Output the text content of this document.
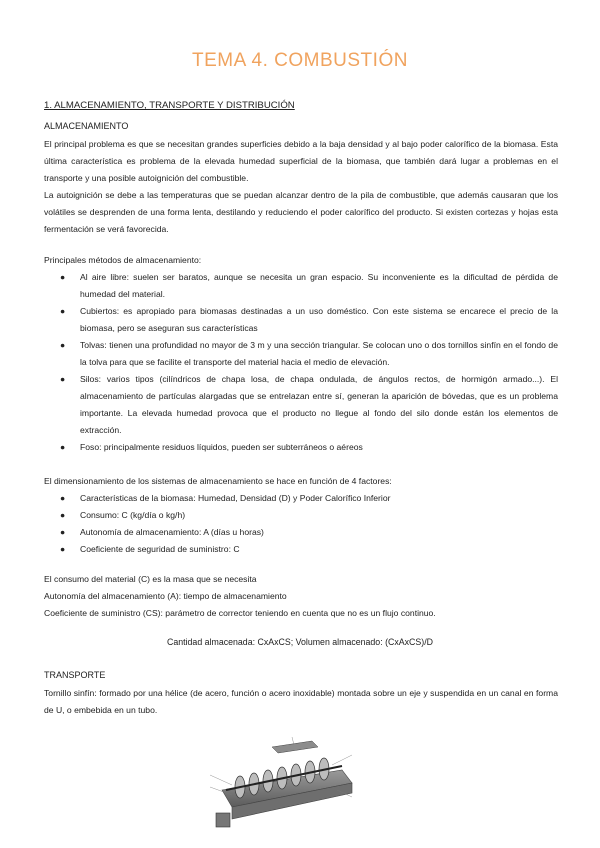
TEMA 4. COMBUSTIÓN
1. ALMACENAMIENTO, TRANSPORTE Y DISTRIBUCIÓN
ALMACENAMIENTO
El principal problema es que se necesitan grandes superficies debido a la baja densidad y al bajo poder calorífico de la biomasa. Esta última característica es problema de la elevada humedad superficial de la biomasa, que también dará lugar a problemas en el transporte y una posible autoignición del combustible.
La autoignición se debe a las temperaturas que se puedan alcanzar dentro de la pila de combustible, que además causaran que los volátiles se desprenden de una forma lenta, destilando y reduciendo el poder calorífico del producto. Si existen cortezas y hojas esta fermentación se verá favorecida.
Principales métodos de almacenamiento:
● Al aire libre: suelen ser baratos, aunque se necesita un gran espacio. Su inconveniente es la dificultad de pérdida de humedad del material.
● Cubiertos: es apropiado para biomasas destinadas a un uso doméstico. Con este sistema se encarece el precio de la biomasa, pero se aseguran sus características
● Tolvas: tienen una profundidad no mayor de 3 m y una sección triangular. Se colocan uno o dos tornillos sinfín en el fondo de la tolva para que se facilite el transporte del material hacia el medio de elevación.
● Silos: varios tipos (cilíndricos de chapa losa, de chapa ondulada, de ángulos rectos, de hormigón armado...). El almacenamiento de partículas alargadas que se entrelazan entre sí, generan la aparición de bóvedas, que es un problema importante. La elevada humedad provoca que el producto no llegue al fondo del silo donde están los elementos de extracción.
● Foso: principalmente residuos líquidos, pueden ser subterráneos o aéreos
El dimensionamiento de los sistemas de almacenamiento se hace en función de 4 factores:
● Características de la biomasa: Humedad, Densidad (D) y Poder Calorífico Inferior
● Consumo: C (kg/día o kg/h)
● Autonomía de almacenamiento: A (días u horas)
● Coeficiente de seguridad de suministro: C
El consumo del material (C) es la masa que se necesita
Autonomía del almacenamiento (A): tiempo de almacenamiento
Coeficiente de suministro (CS): parámetro de corrector teniendo en cuenta que no es un flujo continuo.
Cantidad almacenada: CxAxCS; Volumen almacenado: (CxAxCS)/D
TRANSPORTE
Tornillo sinfín: formado por una hélice (de acero, función o acero inoxidable) montada sobre un eje y suspendida en un canal en forma de U, o embebida en un tubo.
